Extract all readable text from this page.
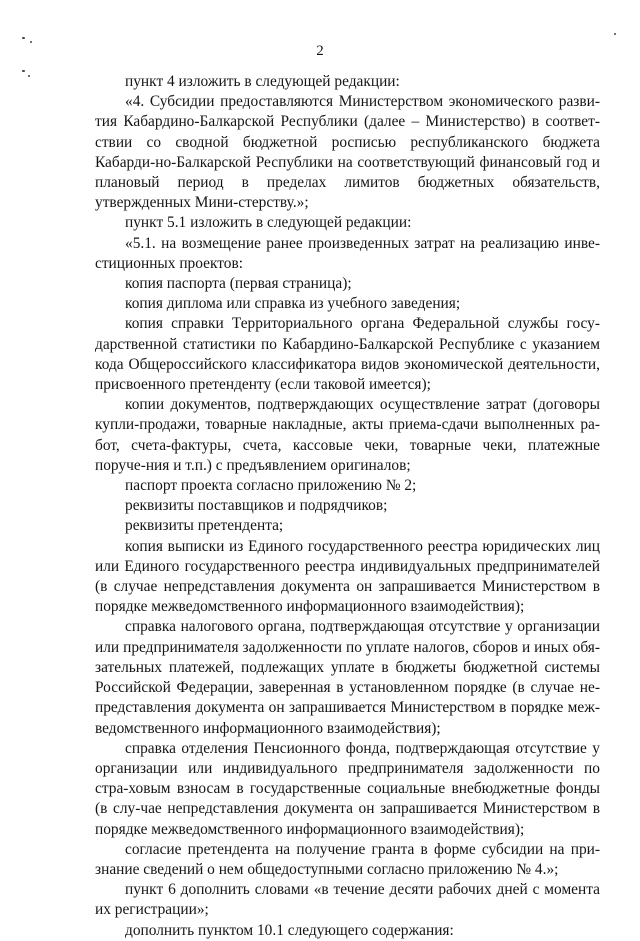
2

пункт 4 изложить в следующей редакции:

«4. Субсидии предоставляются Министерством экономического разви-тия Кабардино-Балкарской Республики (далее – Министерство) в соответ-ствии со сводной бюджетной росписью республиканского бюджета Кабарди-но-Балкарской Республики на соответствующий финансовый год и плановый период в пределах лимитов бюджетных обязательств, утвержденных Мини-стерству.»;

пункт 5.1 изложить в следующей редакции:

«5.1. на возмещение ранее произведенных затрат на реализацию инве-стиционных проектов:

копия паспорта (первая страница);

копия диплома или справка из учебного заведения;

копия справки Территориального органа Федеральной службы госу-дарственной статистики по Кабардино-Балкарской Республике с указанием кода Общероссийского классификатора видов экономической деятельности, присвоенного претенденту (если таковой имеется);

копии документов, подтверждающих осуществление затрат (договоры купли-продажи, товарные накладные, акты приема-сдачи выполненных ра-бот, счета-фактуры, счета, кассовые чеки, товарные чеки, платежные поруче-ния и т.п.) с предъявлением оригиналов;

паспорт проекта согласно приложению № 2;

реквизиты поставщиков и подрядчиков;

реквизиты претендента;

копия выписки из Единого государственного реестра юридических лиц или Единого государственного реестра индивидуальных предпринимателей (в случае непредставления документа он запрашивается Министерством в порядке межведомственного информационного взаимодействия);

справка налогового органа, подтверждающая отсутствие у организации или предпринимателя задолженности по уплате налогов, сборов и иных обя-зательных платежей, подлежащих уплате в бюджеты бюджетной системы Российской Федерации, заверенная в установленном порядке (в случае не-представления документа он запрашивается Министерством в порядке меж-ведомственного информационного взаимодействия);

справка отделения Пенсионного фонда, подтверждающая отсутствие у организации или индивидуального предпринимателя задолженности по стра-ховым взносам в государственные социальные внебюджетные фонды (в слу-чае непредставления документа он запрашивается Министерством в порядке межведомственного информационного взаимодействия);

согласие претендента на получение гранта в форме субсидии на при-знание сведений о нем общедоступными согласно приложению № 4.»;

пункт 6 дополнить словами «в течение десяти рабочих дней с момента их регистрации»;

дополнить пунктом 10.1 следующего содержания:
